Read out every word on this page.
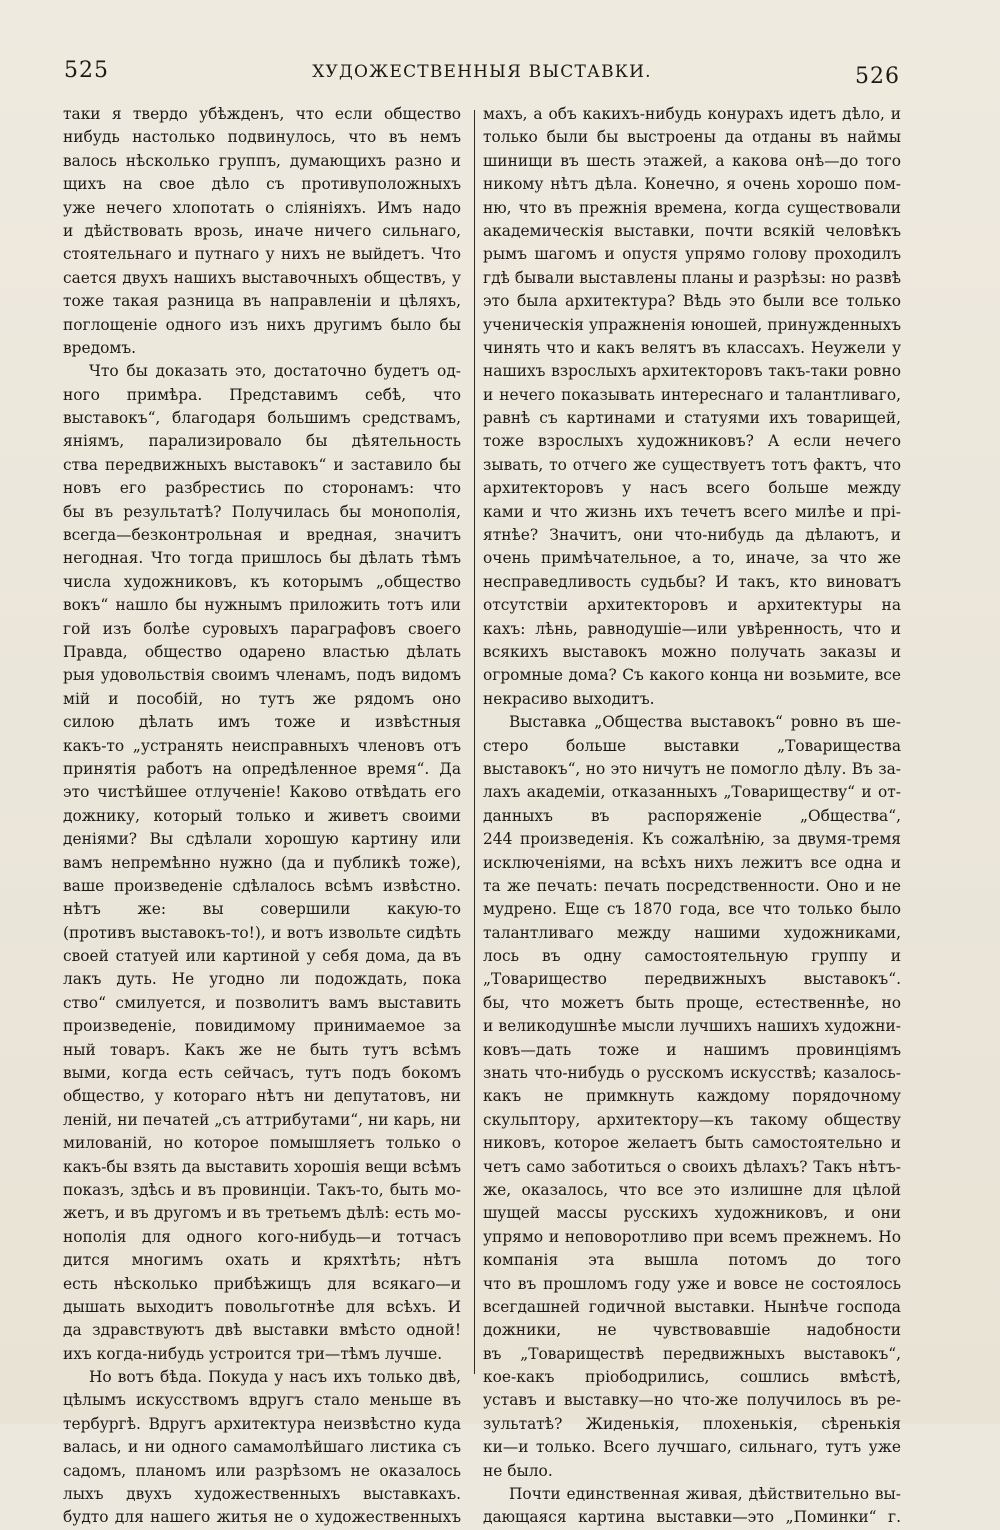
525	ХУДОЖЕСТВЕННЫЯ ВЫСТАВКИ.	526
таки я твердо убѣжденъ, что если общество
нибудь настолько подвинулось, что въ немъ
валось нѣсколько группъ, думающихъ разно и
щихъ на свое дѣло съ противуположныхъ
уже нечего хлопотать о сліяніяхъ. Имъ надо
и дѣйствовать врозь, иначе ничего сильнаго,
стоятельнаго и путнаго у нихъ не выйдетъ. Что
сается двухъ нашихъ выставочныхъ обществъ, у
тоже такая разница въ направленіи и цѣляхъ,
поглощеніе одного изъ нихъ другимъ было бы
вредомъ.
Что бы доказать это, достаточно будетъ од-
ного примѣра. Представимъ себѣ, что
выставокъ“, благодаря большимъ средствамъ,
яніямъ, парализировало бы дѣятельность
ства передвижныхъ выставокъ“ и заставило бы
новъ его разбрестись по сторонамъ: что
бы въ результатѣ? Получилась бы монополія,
всегда—безконтрольная и вредная, значитъ
негодная. Что тогда пришлось бы дѣлать тѣмъ
числа художниковъ, къ которымъ „общество
вокъ“ нашло бы нужнымъ приложить тотъ или
гой изъ болѣе суровыхъ параграфовъ своего
Правда, общество одарено властью дѣлать
рыя удовольствія своимъ членамъ, подъ видомъ
мій и пособій, но тутъ же рядомъ оно
силою дѣлать имъ тоже и извѣстныя
какъ-то „устранять неисправныхъ членовъ отъ
принятія работъ на опредѣленное время“. Да
это чистѣйшее отлученіе! Каково отвѣдать его
дожнику, который только и живетъ своими
деніями? Вы сдѣлали хорошую картину или
вамъ непремѣнно нужно (да и публикѣ тоже),
ваше произведеніе сдѣлалось всѣмъ извѣстно.
нѣтъ же: вы совершили какую-то
(противъ выставокъ-то!), и вотъ извольте сидѣть
своей статуей или картиной у себя дома, да въ
лакъ дуть. Не угодно ли подождать, пока
ство“ смилуется, и позволитъ вамъ выставить
произведеніе, повидимому принимаемое за
ный товаръ. Какъ же не быть тутъ всѣмъ
выми, когда есть сейчасъ, тутъ подъ бокомъ
общество, у котораго нѣтъ ни депутатовъ, ни
леній, ни печатей „съ аттрибутами“, ни карь, ни
милованій, но которое помышляетъ только о
какъ-бы взять да выставить хорошія вещи всѣмъ
показъ, здѣсь и въ провинціи. Такъ-то, быть мо-
жетъ, и въ другомъ и въ третьемъ дѣлѣ: есть мо-
нополія для одного кого-нибудь—и тотчасъ
дится многимъ охать и кряхтѣть; нѣтъ
есть нѣсколько прибѣжищъ для всякаго—и
дышать выходитъ повольготнѣе для всѣхъ. И
да здравствуютъ двѣ выставки вмѣсто одной!
ихъ когда-нибудь устроится три—тѣмъ лучше.
Но вотъ бѣда. Покуда у насъ ихъ только двѣ,
цѣлымъ искусствомъ вдругъ стало меньше въ
тербургѣ. Вдругъ архитектура неизвѣстно куда
валась, и ни одного самамолѣйшаго листика съ
садомъ, планомъ или разрѣзомъ не оказалось
лыхъ двухъ художественныхъ выставкахъ.
будто для нашего житья не о художественныхъ
махъ, а объ какихъ-нибудь конурахъ идетъ дѣло, и
только были бы выстроены да отданы въ наймы
шинищи въ шесть этажей, а какова онѣ—до того
никому нѣтъ дѣла. Конечно, я очень хорошо пом-
ню, что въ прежнія времена, когда существовали
академическія выставки, почти всякій человѣкъ
рымъ шагомъ и опустя упрямо голову проходилъ
гдѣ бывали выставлены планы и разрѣзы: но развѣ
это была архитектура? Вѣдь это были все только
ученическія упражненія юношей, принужденныхъ
чинять что и какъ велятъ въ классахъ. Неужели у
нашихъ взрослыхъ архитекторовъ такъ-таки ровно
и нечего показывать интереснаго и талантливаго,
равнѣ съ картинами и статуями ихъ товарищей,
тоже взрослыхъ художниковъ? А если нечего
зывать, то отчего же существуетъ тотъ фактъ, что
архитекторовъ у насъ всего больше между
ками и что жизнь ихъ течетъ всего милѣе и прі-
ятнѣе? Значитъ, они что-нибудь да дѣлаютъ, и
очень примѣчательное, а то, иначе, за что же
несправедливость судьбы? И такъ, кто виноватъ
отсутствіи архитекторовъ и архитектуры на
кахъ: лѣнь, равнодушіе—или увѣренность, что и
всякихъ выставокъ можно получать заказы и
огромные дома? Съ какого конца ни возьмите, все
некрасиво выходитъ.
Выставка „Общества выставокъ“ ровно въ ше-
стеро больше выставки „Товарищества
выставокъ“, но это ничутъ не помогло дѣлу. Въ за-
лахъ академіи, отказанныхъ „Товариществу“ и от-
данныхъ въ распоряженіе „Общества“,
244 произведенія. Къ сожалѣнію, за двумя-тремя
исключеніями, на всѣхъ нихъ лежитъ все одна и
та же печать: печать посредственности. Оно и не
мудрено. Еще съ 1870 года, все что только было
талантливаго между нашими художниками,
лось въ одну самостоятельную группу и
„Товарищество передвижныхъ выставокъ“.
бы, что можетъ быть проще, естественнѣе, но
и великодушнѣе мысли лучшихъ нашихъ художни-
ковъ—дать тоже и нашимъ провинціямъ
знать что-нибудь о русскомъ искусствѣ; казалось-
какъ не примкнуть каждому порядочному
скульптору, архитектору—къ такому обществу
никовъ, которое желаетъ быть самостоятельно и
четъ само заботиться о своихъ дѣлахъ? Такъ нѣтъ-
же, оказалось, что все это излишне для цѣлой
шущей массы русскихъ художниковъ, и они
упрямо и неповоротливо при всемъ прежнемъ. Но
компанія эта вышла потомъ до того
что въ прошломъ году уже и вовсе не состоялось
всегдашней годичной выставки. Нынѣче господа
дожники, не чувствовавшіе надобности
въ „Товариществѣ передвижныхъ выставокъ“,
кое-какъ пріободрились, сошлись вмѣстѣ,
уставъ и выставку—но что-же получилось въ ре-
зультатѣ? Жиденькія, плохенькія, сѣренькія
ки—и только. Всего лучшаго, сильнаго, тутъ уже
не было.
Почти единственная живая, дѣйствительно вы-
дающаяся картина выставки—это „Поминки“ г.
